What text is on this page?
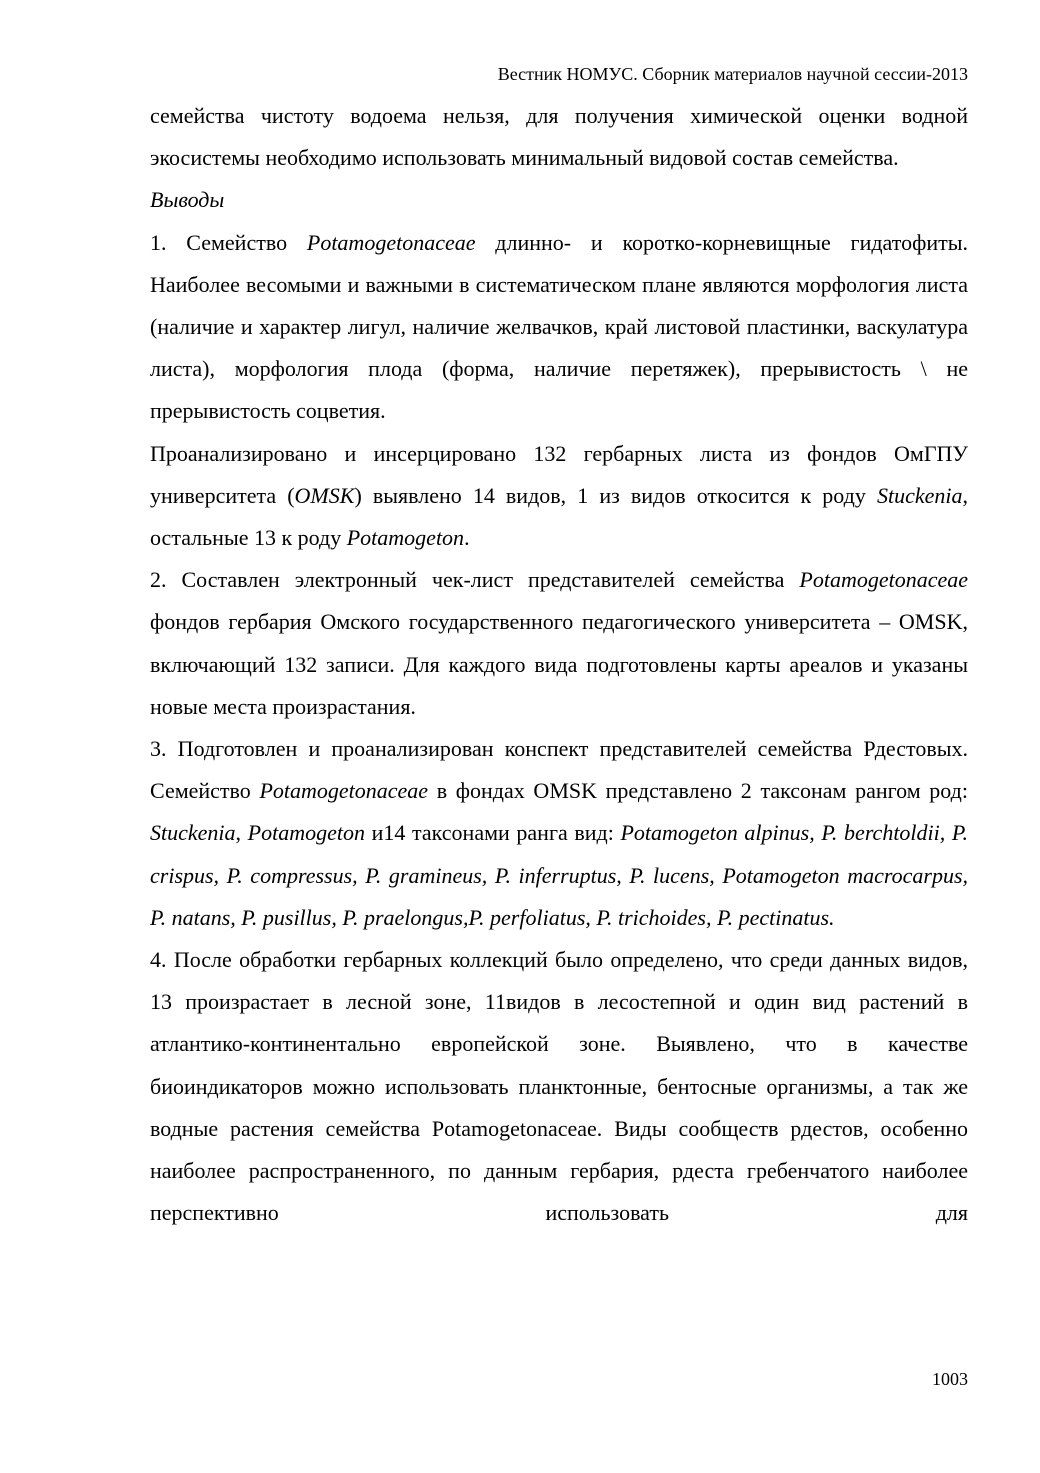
Вестник НОМУС. Сборник материалов научной сессии-2013

семейства чистоту водоема нельзя, для получения химической оценки водной экосистемы необходимо использовать минимальный видовой состав семейства.

Выводы

1. Семейство Potamogetonaceae длинно- и коротко-корневищные гидатофиты. Наиболее весомыми и важными в систематическом плане являются морфология листа (наличие и характер лигул, наличие желвачков, край листовой пластинки, васкулатура листа), морфология плода (форма, наличие перетяжек), прерывистость \ не прерывистость соцветия.

Проанализировано и инсерцировано 132 гербарных листа из фондов ОмГПУ университета (OMSK) выявлено 14 видов, 1 из видов откосится к роду Stuckenia, остальные 13 к роду Potamogeton.

2. Составлен электронный чек-лист представителей семейства Potamogetonaceae фондов гербария Омского государственного педагогического университета – OMSK, включающий 132 записи. Для каждого вида подготовлены карты ареалов и указаны новые места произрастания.

3. Подготовлен и проанализирован конспект представителей семейства Рдестовых. Семейство Potamogetonaceae в фондах OMSK представлено 2 таксонам рангом род: Stuckenia, Potamogeton и14 таксонами ранга вид: Potamogeton alpinus, P. berchtoldii, P. crispus, P. compressus, P. gramineus, P. inferruptus, P. lucens, Potamogeton macrocarpus, P. natans, P. pusillus, P. praelongus,P. perfoliatus, P. trichoides, P. pectinatus.

4. После обработки гербарных коллекций было определено, что среди данных видов, 13 произрастает в лесной зоне, 11видов в лесостепной и один вид растений в атлантико-континентально европейской зоне. Выявлено, что в качестве биоиндикаторов можно использовать планктонные, бентосные организмы, а так же водные растения семейства Potamogetonaceae. Виды сообществ рдестов, особенно наиболее распространенного, по данным гербария, рдеста гребенчатого наиболее перспективно использовать для

1003
